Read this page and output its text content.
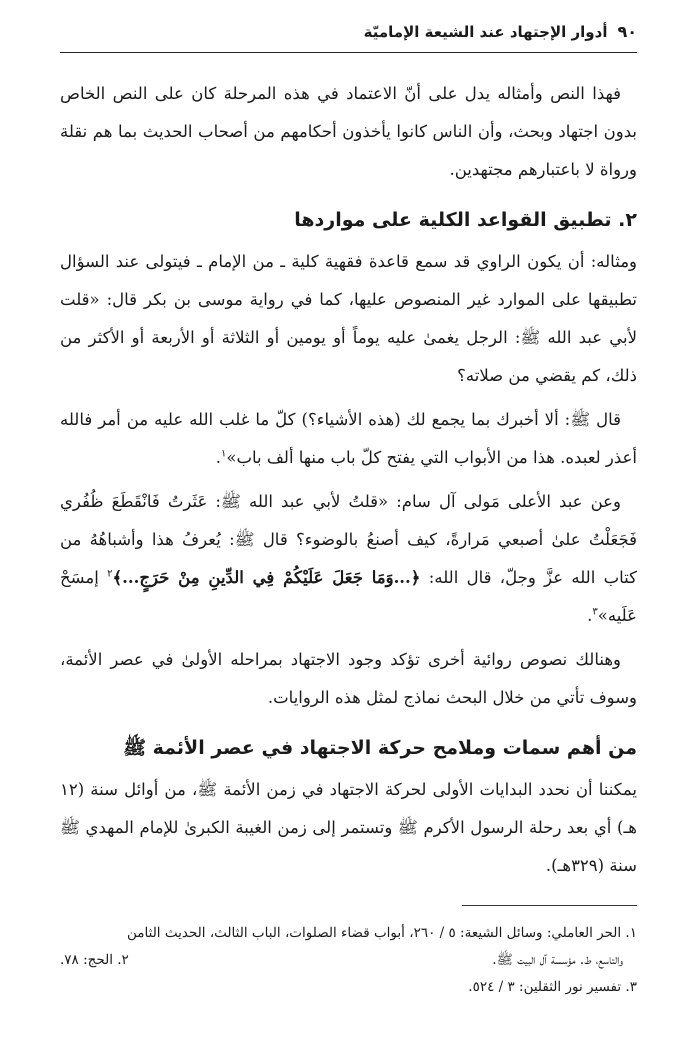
٩٠
أدوار الإجتهاد عند الشيعة الإماميّة

فهذا النص وأمثاله يدل على أنّ الاعتماد في هذه المرحلة كان على النص الخاص بدون اجتهاد وبحث، وأن الناس كانوا يأخذون أحكامهم من أصحاب الحديث بما هم نقلة ورواة لا باعتبارهم مجتهدين.

٢. تطبيق القواعد الكلية على مواردها

ومثاله: أن يكون الراوي قد سمع قاعدة فقهية كلية ـ من الإمام ـ فيتولى عند السؤال تطبيقها على الموارد غير المنصوص عليها، كما في رواية موسى بن بكر قال: «قلت لأبي عبد الله ﷺ: الرجل يغمىٰ عليه يوماً أو يومين أو الثلاثة أو الأربعة أو الأكثر من ذلك، كم يقضي من صلاته؟

قال ﷺ: ألا أخبرك بما يجمع لك (هذه الأشياء؟) كلّ ما غلب الله عليه من أمر فالله أعذر لعبده. هذا من الأبواب التي يفتح كلّ باب منها ألف باب»$^١$.

وعن عبد الأعلى مَولى آل سام: «قلتُ لأبي عبد الله ﷺ: عَثَرتُ فَانْقَطَعَ ظُفُري فَجَعَلْتُ علىٰ أصبعي مَرارةً، كيف أصنعُ بالوضوء؟ قال ﷺ: يُعرفُ هذا وأشباهُهُ من كتاب الله عزَّ وجلّ، قال الله: ﴿...وَمَا جَعَلَ عَلَيْكُمْ فِي الدِّينِ مِنْ حَرَجٍ...﴾$^٢$ إمسَحْ عَلَيه»$^٣$.

وهنالك نصوص روائية أخرى تؤكد وجود الاجتهاد بمراحله الأولىٰ في عصر الأئمة، وسوف تأتي من خلال البحث نماذج لمثل هذه الروايات.

من أهم سمات وملامح حركة الاجتهاد في عصر الأئمة ﷺ

يمكننا أن نحدد البدايات الأولى لحركة الاجتهاد في زمن الأئمة ﷺ، من أوائل سنة (١٢ هـ) أي بعد رحلة الرسول الأكرم ﷺ وتستمر إلى زمن الغيبة الكبرىٰ للإمام المهدي ﷺ سنة (٣٢٩هـ).

١. الحر العاملي: وسائل الشيعة: ٥ / ٢٦٠، أبواب قضاء الصلوات، الباب الثالث، الحديث الثامن
والتاسع، ط. مؤسسة آل البيت ﷺ.
٢. الحج: ٧٨.
٣. تفسير نور الثقلين: ٣ / ٥٢٤.
